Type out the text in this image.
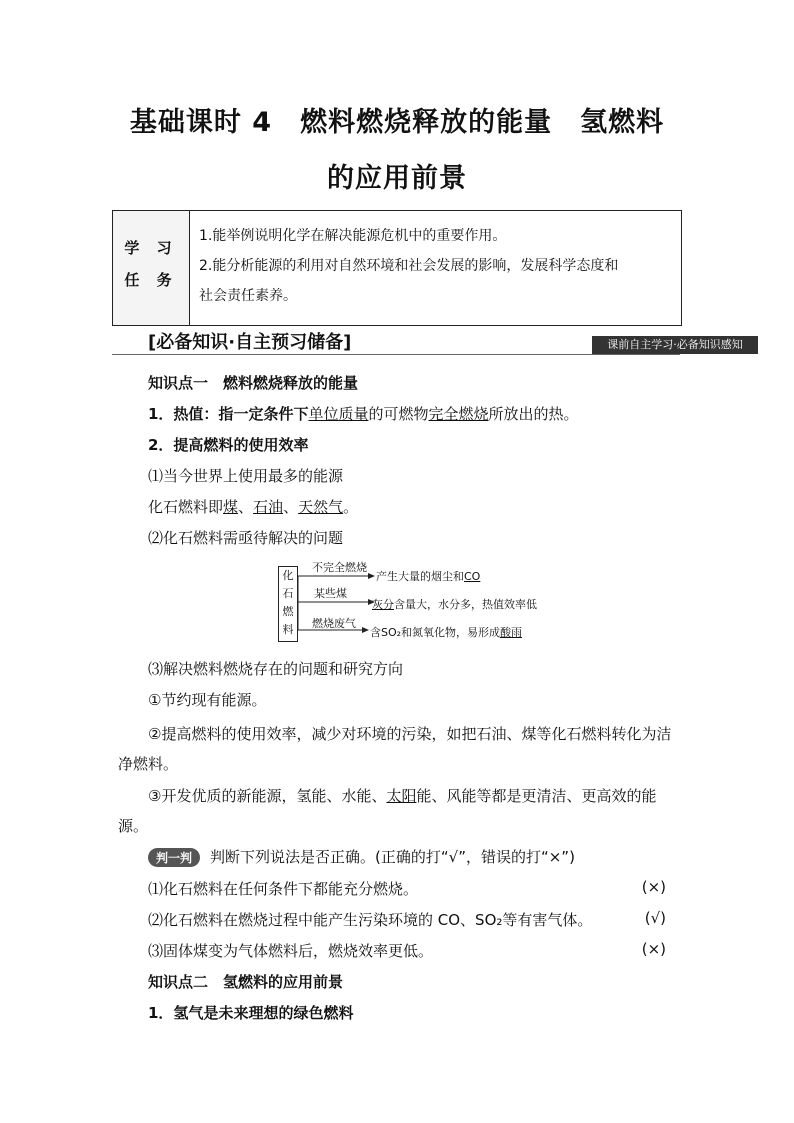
基础课时 4　燃料燃烧释放的能量　氢燃料
的应用前景
学 习
任 务
1.能举例说明化学在解决能源危机中的重要作用。
2.能分析能源的利用对自然环境和社会发展的影响，发展科学态度和
社会责任素养。
[必备知识·自主预习储备]	课前自主学习·必备知识感知
知识点一　燃料燃烧释放的能量
1．热值：指一定条件下单位质量的可燃物完全燃烧所放出的热。
2．提高燃料的使用效率
⑴当今世界上使用最多的能源
化石燃料即煤、石油、天然气。
⑵化石燃料需亟待解决的问题
化
石
燃
料
不完全燃烧
产生大量的烟尘和CO
某些煤
灰分含量大，水分多，热值效率低
燃烧废气
含SO₂和氮氧化物，易形成酸雨
⑶解决燃料燃烧存在的问题和研究方向
①节约现有能源。
②提高燃料的使用效率，减少对环境的污染，如把石油、煤等化石燃料转化为洁净燃料。
③开发优质的新能源，氢能、水能、太阳能、风能等都是更清洁、更高效的能源。
判一判 判断下列说法是否正确。(正确的打“√”，错误的打“×”)
⑴化石燃料在任何条件下都能充分燃烧。	(×)
⑵化石燃料在燃烧过程中能产生污染环境的 CO、SO₂等有害气体。	(√)
⑶固体煤变为气体燃料后，燃烧效率更低。	(×)
知识点二　氢燃料的应用前景
1．氢气是未来理想的绿色燃料
